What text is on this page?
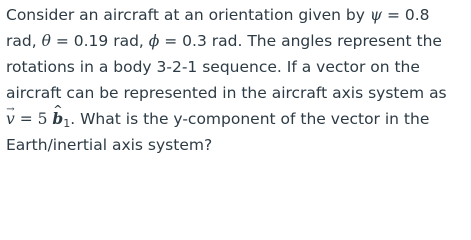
Consider an aircraft at an orientation given by ψ = 0.8
rad, θ = 0.19 rad, ϕ = 0.3 rad. The angles represent the
rotations in a body 3-2-1 sequence. If a vector on the
aircraft can be represented in the aircraft axis system as
→ v = 5 ^ $b_1$. What is the y-component of the vector in the
Earth/inertial axis system?
